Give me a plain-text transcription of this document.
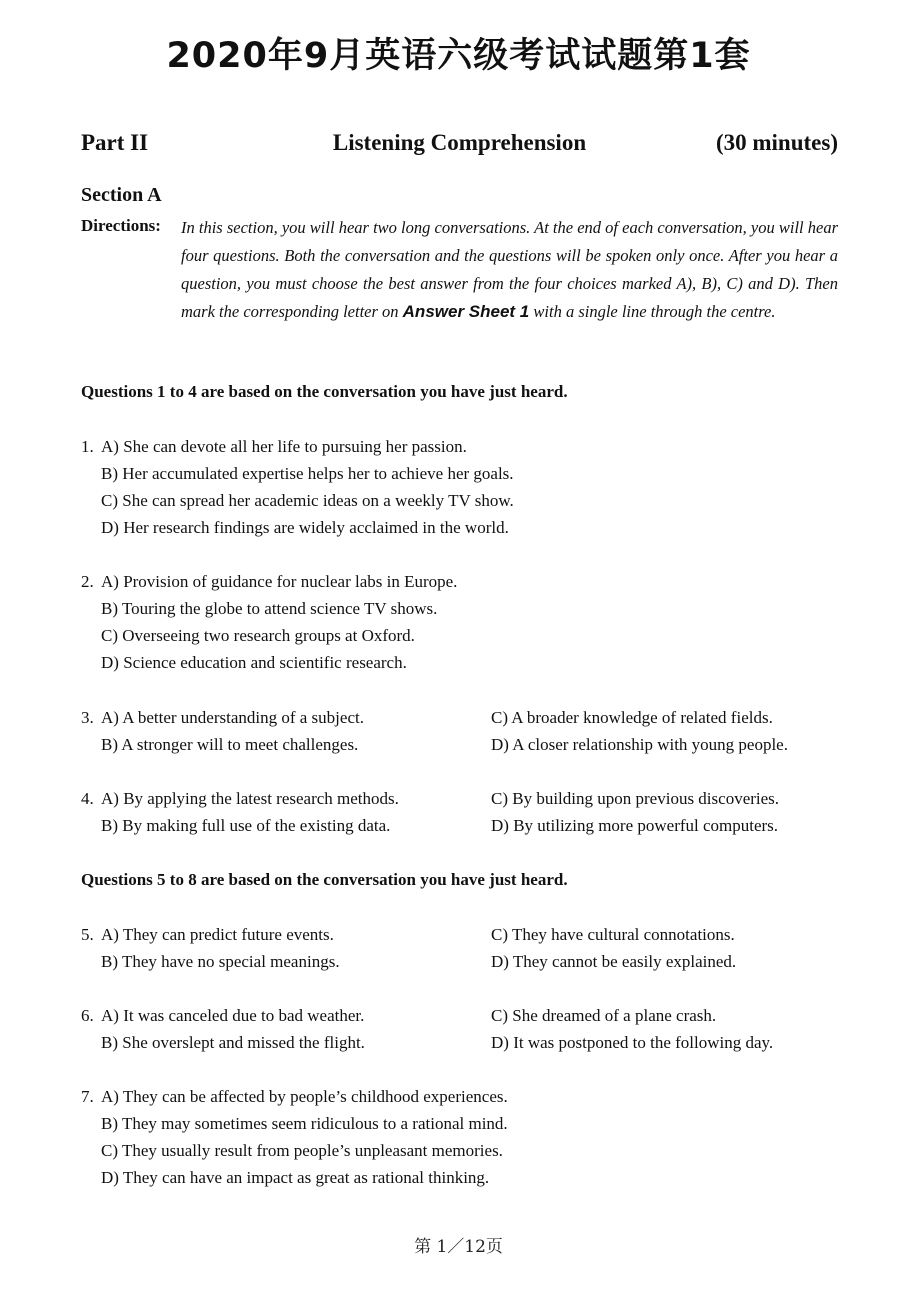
2020年9月英语六级考试试题第1套
Part II	Listening Comprehension	(30 minutes)
Section A
Directions: In this section, you will hear two long conversations. At the end of each conversation, you will hear four questions. Both the conversation and the questions will be spoken only once. After you hear a question, you must choose the best answer from the four choices marked A), B), C) and D). Then mark the corresponding letter on Answer Sheet 1 with a single line through the centre.
Questions 1 to 4 are based on the conversation you have just heard.
1. A) She can devote all her life to pursuing her passion.
B) Her accumulated expertise helps her to achieve her goals.
C) She can spread her academic ideas on a weekly TV show.
D) Her research findings are widely acclaimed in the world.
2. A) Provision of guidance for nuclear labs in Europe.
B) Touring the globe to attend science TV shows.
C) Overseeing two research groups at Oxford.
D) Science education and scientific research.
3. A) A better understanding of a subject.
B) A stronger will to meet challenges.
C) A broader knowledge of related fields.
D) A closer relationship with young people.
4. A) By applying the latest research methods.
B) By making full use of the existing data.
C) By building upon previous discoveries.
D) By utilizing more powerful computers.
Questions 5 to 8 are based on the conversation you have just heard.
5. A) They can predict future events.
B) They have no special meanings.
C) They have cultural connotations.
D) They cannot be easily explained.
6. A) It was canceled due to bad weather.
B) She overslept and missed the flight.
C) She dreamed of a plane crash.
D) It was postponed to the following day.
7. A) They can be affected by people’s childhood experiences.
B) They may sometimes seem ridiculous to a rational mind.
C) They usually result from people’s unpleasant memories.
D) They can have an impact as great as rational thinking.
第 1／12页
